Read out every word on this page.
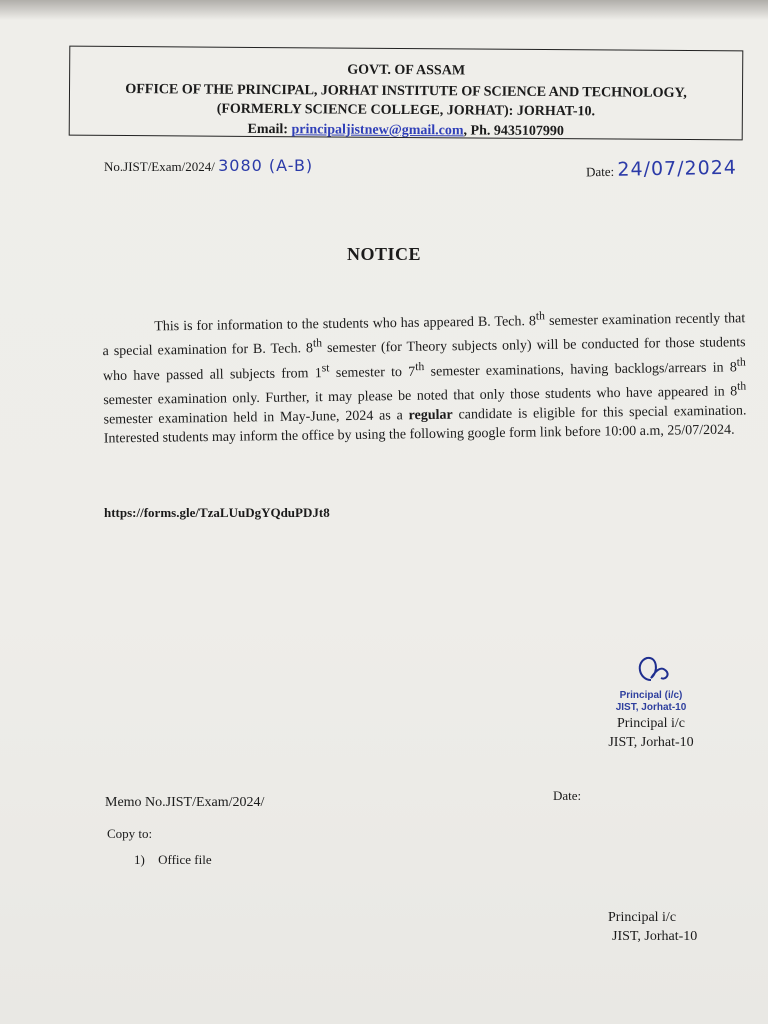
GOVT. OF ASSAM
OFFICE OF THE PRINCIPAL, JORHAT INSTITUTE OF SCIENCE AND TECHNOLOGY,
(FORMERLY SCIENCE COLLEGE, JORHAT): JORHAT-10.
Email: principaljistnew@gmail.com, Ph. 9435107990
No.JIST/Exam/2024/ 3080 (A-B)	Date: 24/07/2024
NOTICE

This is for information to the students who has appeared B. Tech. 8th semester examination recently that a special examination for B. Tech. 8th semester (for Theory subjects only) will be conducted for those students who have passed all subjects from 1st semester to 7th semester examinations, having backlogs/arrears in 8th semester examination only. Further, it may please be noted that only those students who have appeared in 8th semester examination held in May-June, 2024 as a regular candidate is eligible for this special examination. Interested students may inform the office by using the following google form link before 10:00 a.m, 25/07/2024.

https://forms.gle/TzaLUuDgYQduPDJt8
Principal (i/c)
JIST, Jorhat-10
Principal i/c
JIST, Jorhat-10
Memo No.JIST/Exam/2024/	Date:
Copy to:
1) Office file
Principal i/c
JIST, Jorhat-10
